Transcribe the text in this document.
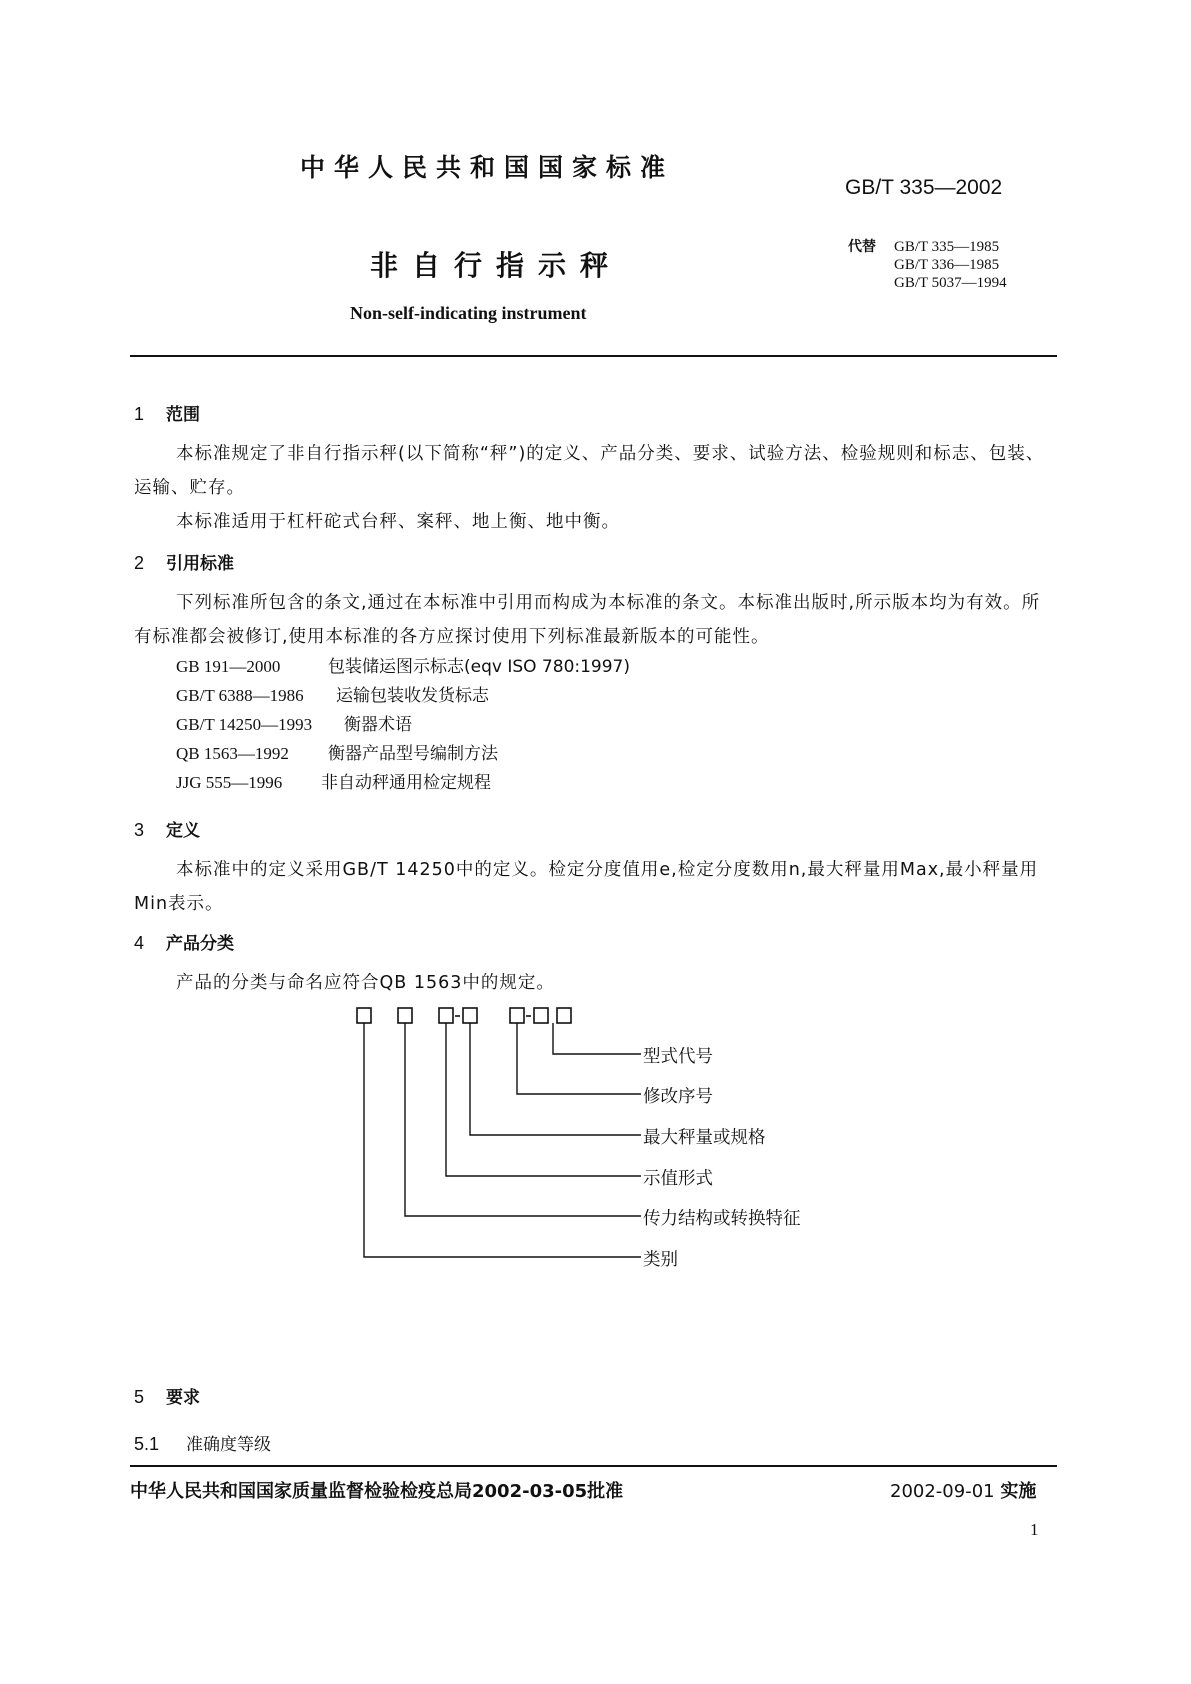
中华人民共和国国家标准
GB/T 335—2002
非自行指示秤
代替 GB/T 335—1985
GB/T 336—1985
GB/T 5037—1994
Non-self-indicating instrument
1 范围
本标准规定了非自行指示秤(以下简称“秤”)的定义、产品分类、要求、试验方法、检验规则和标志、包装、运输、贮存。
本标准适用于杠杆砣式台秤、案秤、地上衡、地中衡。
2 引用标准
下列标准所包含的条文,通过在本标准中引用而构成为本标准的条文。本标准出版时,所示版本均为有效。所有标准都会被修订,使用本标准的各方应探讨使用下列标准最新版本的可能性。
GB 191—2000	包装储运图示标志(eqv ISO 780:1997)
GB/T 6388—1986 运输包装收发货标志
GB/T 14250—1993 衡器术语
QB 1563—1992 衡器产品型号编制方法
JJG 555—1996 非自动秤通用检定规程
3 定义
本标准中的定义采用GB/T 14250中的定义。检定分度值用e,检定分度数用n,最大秤量用Max,最小秤量用Min表示。
4 产品分类
产品的分类与命名应符合QB 1563中的规定。
型式代号
修改序号
最大秤量或规格
示值形式
传力结构或转换特征
类别
5 要求
5.1 准确度等级
中华人民共和国国家质量监督检验检疫总局2002-03-05批准	2002-09-01 实施
1
